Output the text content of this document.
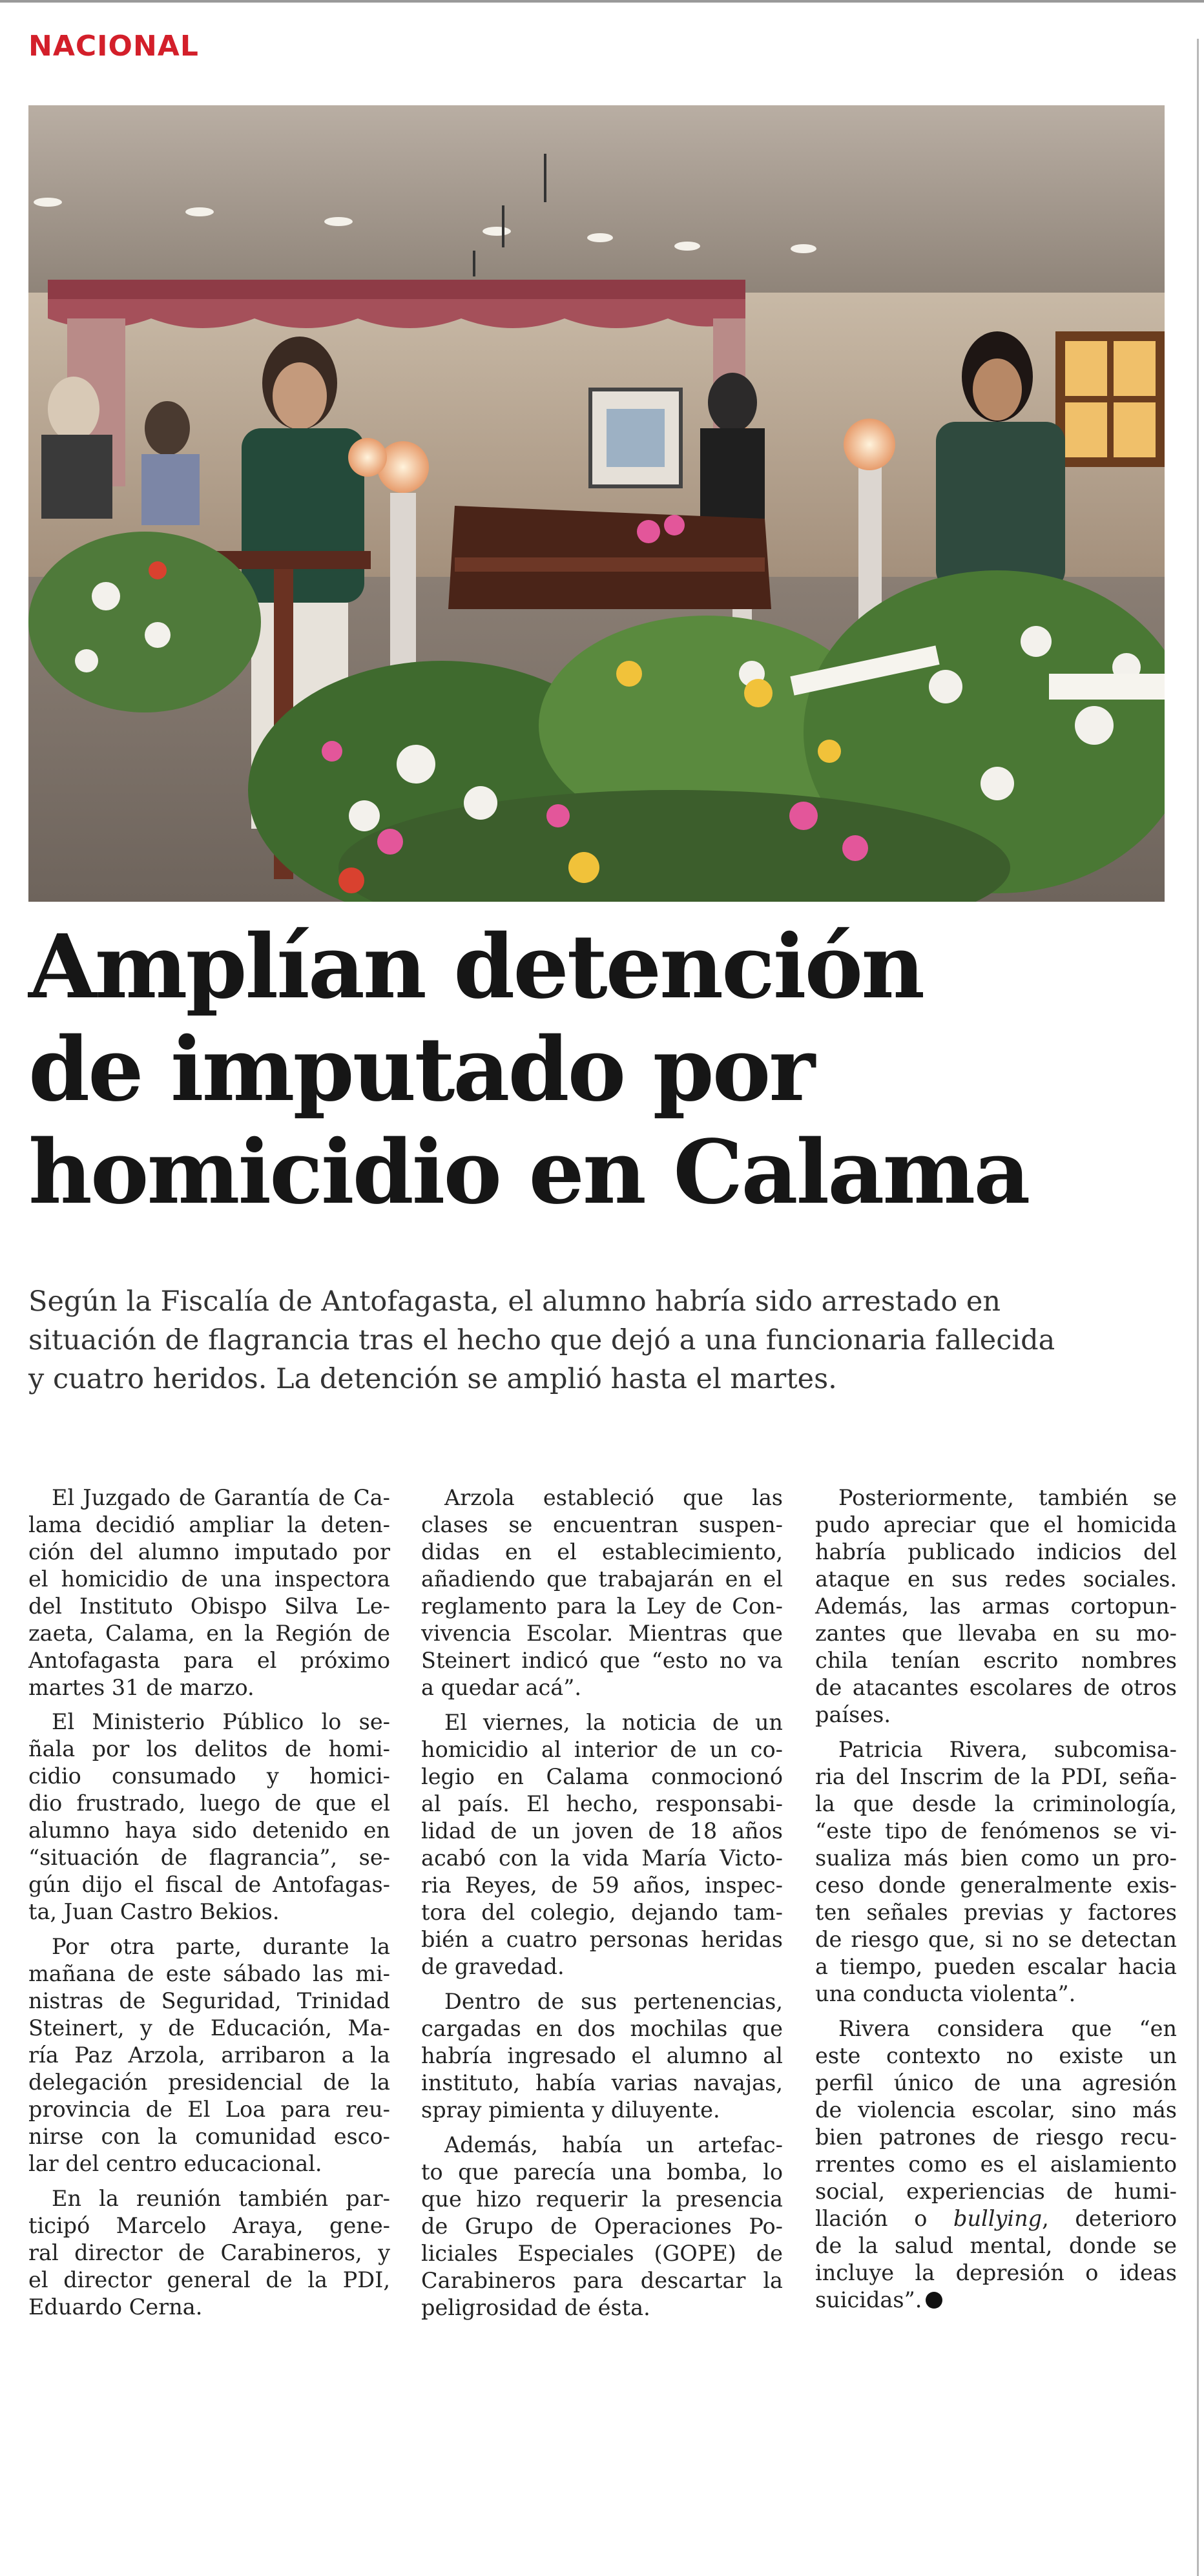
NACIONAL
Amplían detención
de imputado por
homicidio en Calama
Según la Fiscalía de Antofagasta, el alumno habría sido arrestado en
situación de flagrancia tras el hecho que dejó a una funcionaria fallecida
y cuatro heridos. La detención se amplió hasta el martes.

El Juzgado de Garantía de Ca-
lama decidió ampliar la deten-
ción del alumno imputado por
el homicidio de una inspectora
del Instituto Obispo Silva Le-
zaeta, Calama, en la Región de
Antofagasta para el próximo
martes 31 de marzo.

El Ministerio Público lo se-
ñala por los delitos de homi-
cidio consumado y homici-
dio frustrado, luego de que el
alumno haya sido detenido en
“situación de flagrancia”, se-
gún dijo el fiscal de Antofagas-
ta, Juan Castro Bekios.

Por otra parte, durante la
mañana de este sábado las mi-
nistras de Seguridad, Trinidad
Steinert, y de Educación, Ma-
ría Paz Arzola, arribaron a la
delegación presidencial de la
provincia de El Loa para reu-
nirse con la comunidad esco-
lar del centro educacional.

En la reunión también par-
ticipó Marcelo Araya, gene-
ral director de Carabineros, y
el director general de la PDI,
Eduardo Cerna.

Arzola estableció que las
clases se encuentran suspen-
didas en el establecimiento,
añadiendo que trabajarán en el
reglamento para la Ley de Con-
vivencia Escolar. Mientras que
Steinert indicó que “esto no va
a quedar acá”.

El viernes, la noticia de un
homicidio al interior de un co-
legio en Calama conmocionó
al país. El hecho, responsabi-
lidad de un joven de 18 años
acabó con la vida María Victo-
ria Reyes, de 59 años, inspec-
tora del colegio, dejando tam-
bién a cuatro personas heridas
de gravedad.

Dentro de sus pertenencias,
cargadas en dos mochilas que
habría ingresado el alumno al
instituto, había varias navajas,
spray pimienta y diluyente.

Además, había un artefac-
to que parecía una bomba, lo
que hizo requerir la presencia
de Grupo de Operaciones Po-
liciales Especiales (GOPE) de
Carabineros para descartar la
peligrosidad de ésta.

Posteriormente, también se
pudo apreciar que el homicida
habría publicado indicios del
ataque en sus redes sociales.
Además, las armas cortopun-
zantes que llevaba en su mo-
chila tenían escrito nombres
de atacantes escolares de otros
países.

Patricia Rivera, subcomisa-
ria del Inscrim de la PDI, seña-
la que desde la criminología,
“este tipo de fenómenos se vi-
sualiza más bien como un pro-
ceso donde generalmente exis-
ten señales previas y factores
de riesgo que, si no se detectan
a tiempo, pueden escalar hacia
una conducta violenta”.

Rivera considera que “en
este contexto no existe un
perfil único de una agresión
de violencia escolar, sino más
bien patrones de riesgo recu-
rrentes como es el aislamiento
social, experiencias de humi-
llación o bullying, deterioro
de la salud mental, donde se
incluye la depresión o ideas
suicidas”.
